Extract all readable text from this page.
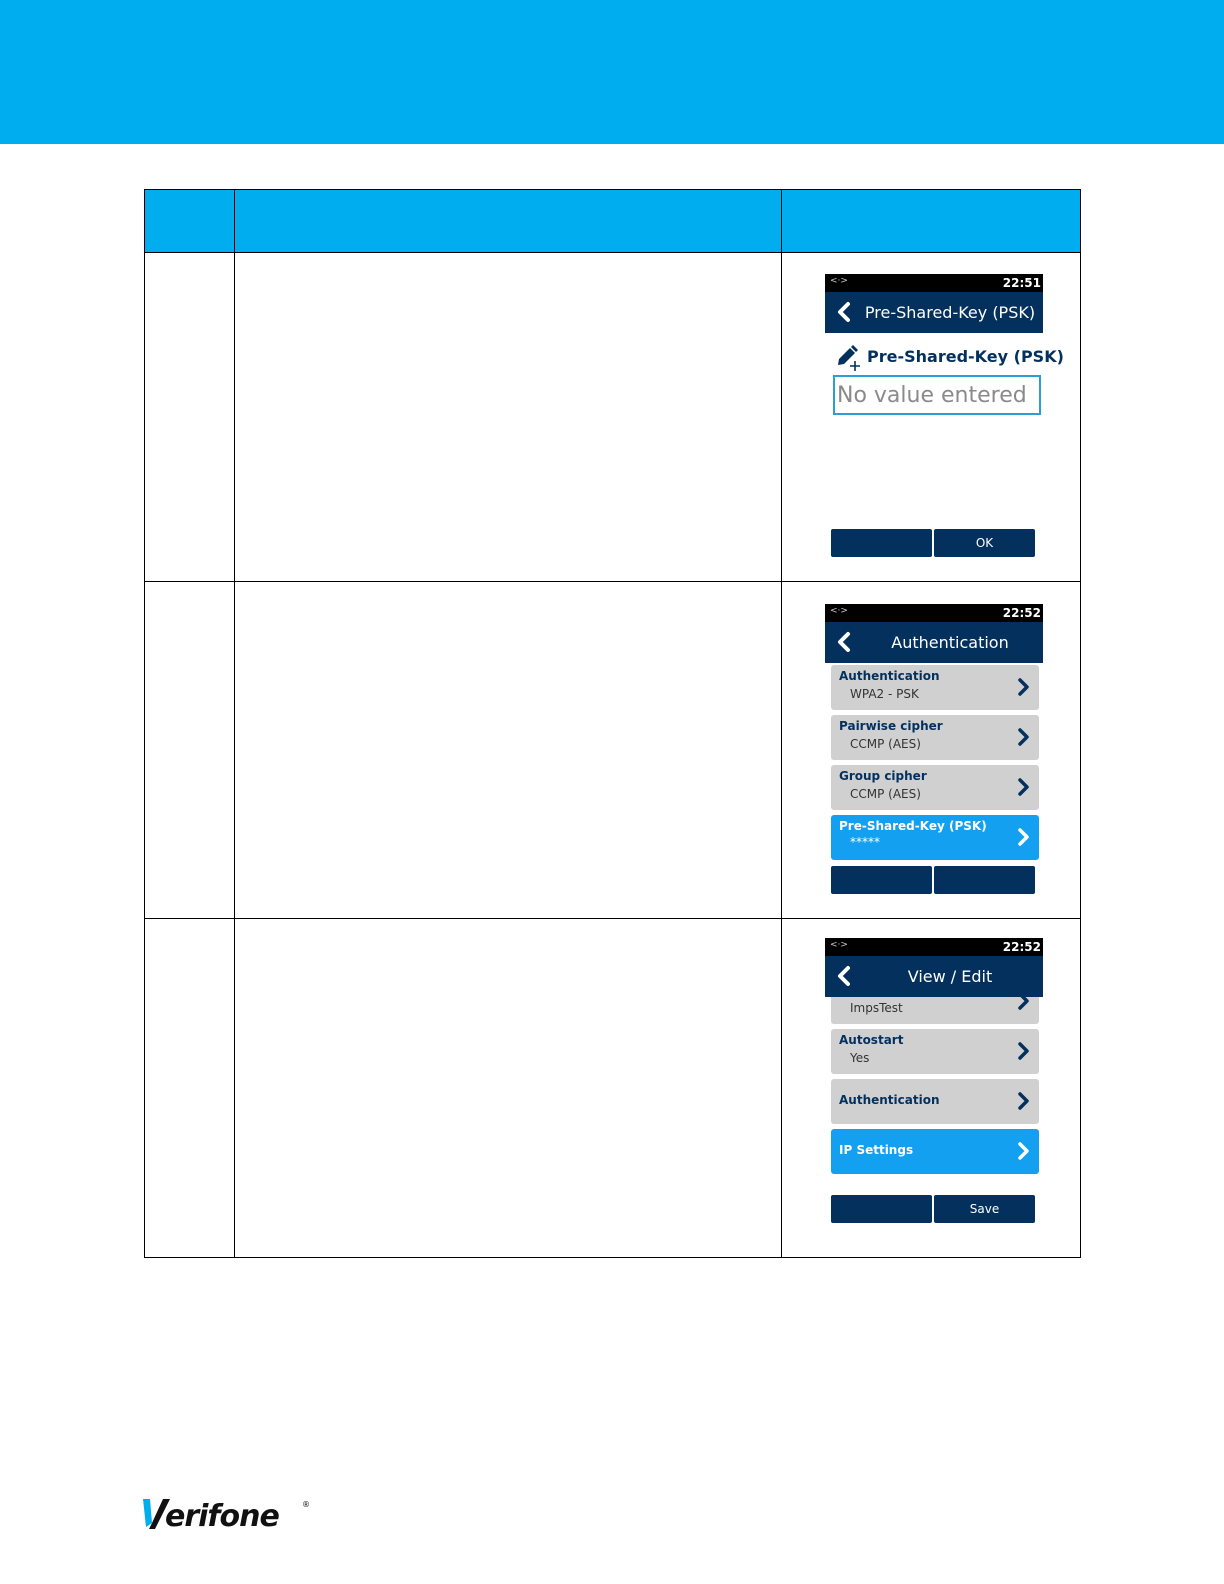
<·>	22:51
Pre-Shared-Key (PSK)
Pre-Shared-Key (PSK)
No value entered
OK
<·>	22:52
Authentication
Authentication
WPA2 - PSK
Pairwise cipher
CCMP (AES)
Group cipher
CCMP (AES)
Pre-Shared-Key (PSK)
*****
<·>	22:52
View / Edit
ImpsTest
Autostart
Yes
Authentication
IP Settings
Save
erifone	®
